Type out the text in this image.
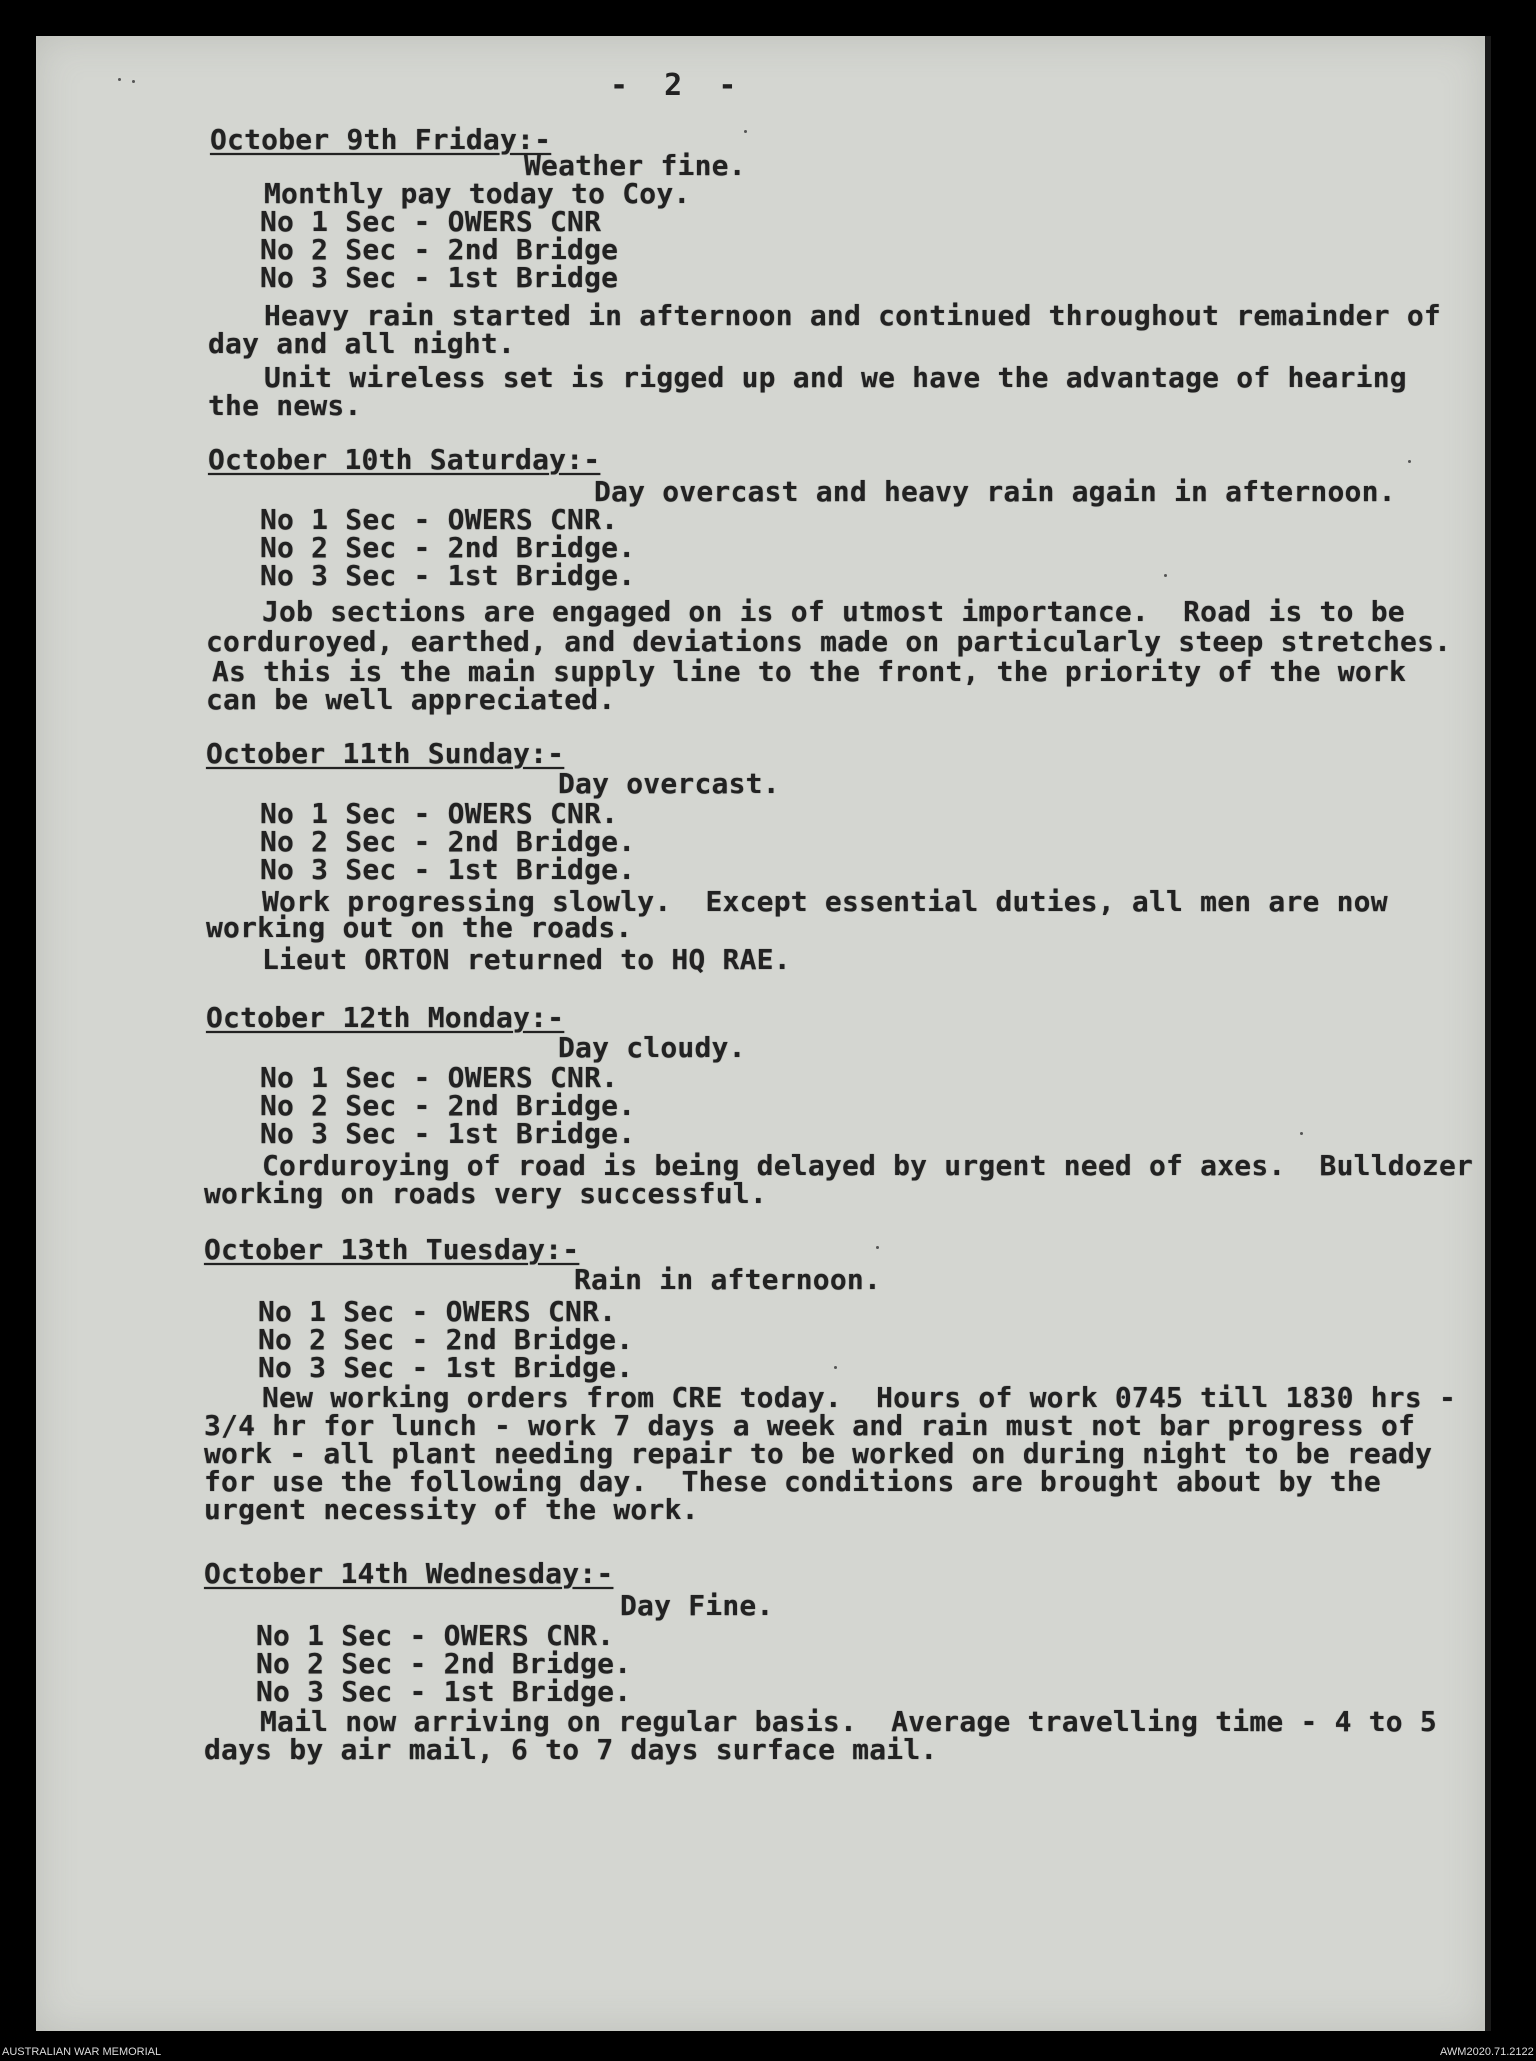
-  2  -
October 9th Friday:-
Weather fine.
Monthly pay today to Coy.
No 1 Sec - OWERS CNR
No 2 Sec - 2nd Bridge
No 3 Sec - 1st Bridge
Heavy rain started in afternoon and continued throughout remainder of
day and all night.
Unit wireless set is rigged up and we have the advantage of hearing
the news.
October 10th Saturday:-
Day overcast and heavy rain again in afternoon.
No 1 Sec - OWERS CNR.
No 2 Sec - 2nd Bridge.
No 3 Sec - 1st Bridge.
Job sections are engaged on is of utmost importance.  Road is to be
corduroyed, earthed, and deviations made on particularly steep stretches.
As this is the main supply line to the front, the priority of the work
can be well appreciated.
October 11th Sunday:-
Day overcast.
No 1 Sec - OWERS CNR.
No 2 Sec - 2nd Bridge.
No 3 Sec - 1st Bridge.
Work progressing slowly.  Except essential duties, all men are now
working out on the roads.
Lieut ORTON returned to HQ RAE.
October 12th Monday:-
Day cloudy.
No 1 Sec - OWERS CNR.
No 2 Sec - 2nd Bridge.
No 3 Sec - 1st Bridge.
Corduroying of road is being delayed by urgent need of axes.  Bulldozer
working on roads very successful.
October 13th Tuesday:-
Rain in afternoon.
No 1 Sec - OWERS CNR.
No 2 Sec - 2nd Bridge.
No 3 Sec - 1st Bridge.
New working orders from CRE today.  Hours of work 0745 till 1830 hrs -
3/4 hr for lunch - work 7 days a week and rain must not bar progress of
work - all plant needing repair to be worked on during night to be ready
for use the following day.  These conditions are brought about by the
urgent necessity of the work.
October 14th Wednesday:-
Day Fine.
No 1 Sec - OWERS CNR.
No 2 Sec - 2nd Bridge.
No 3 Sec - 1st Bridge.
Mail now arriving on regular basis.  Average travelling time - 4 to 5
days by air mail, 6 to 7 days surface mail.
AUSTRALIAN WAR MEMORIAL	AWM2020.71.2122
